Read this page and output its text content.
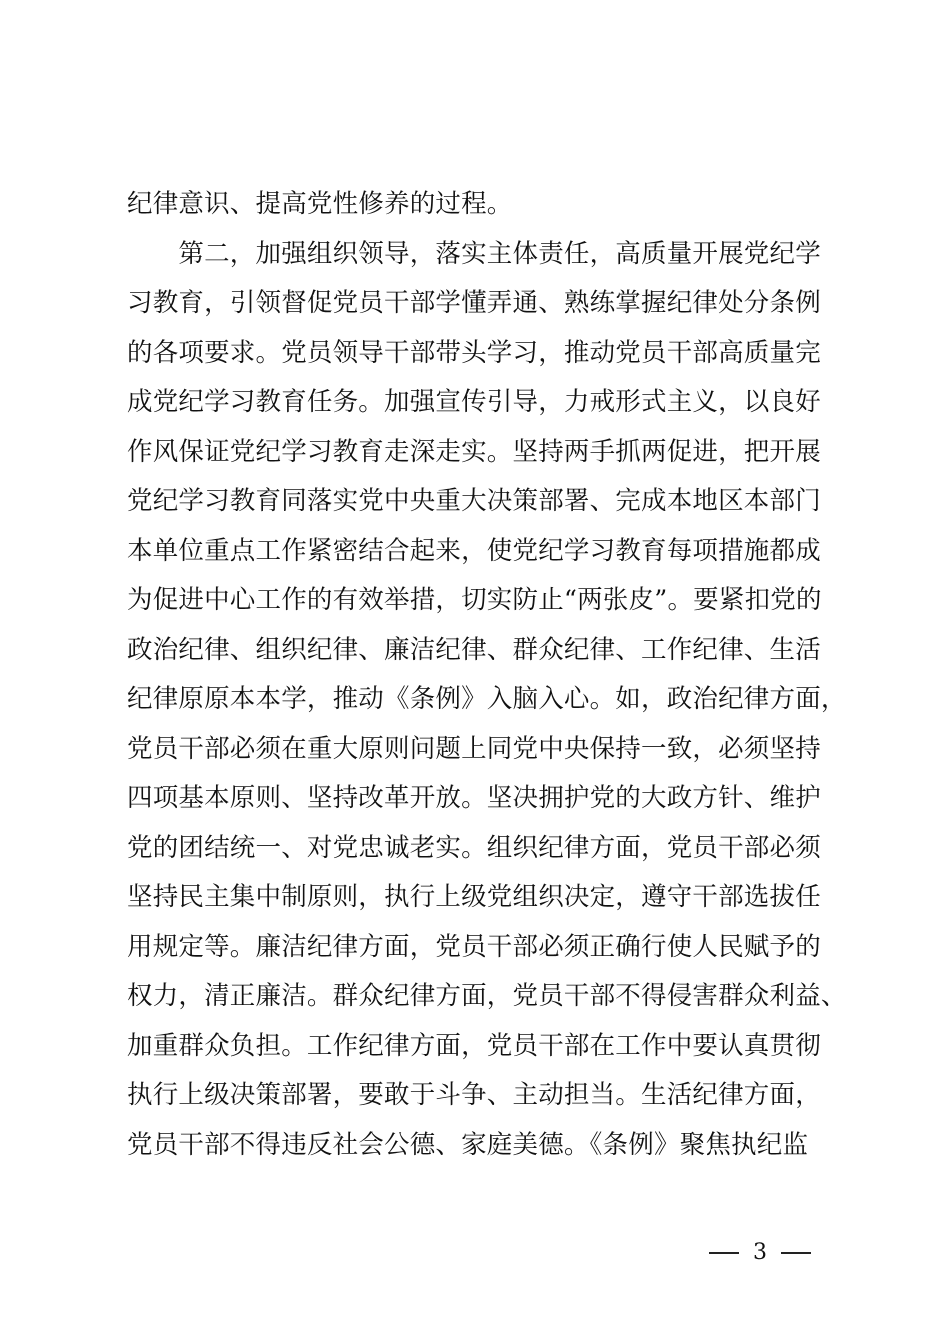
纪律意识、提高党性修养的过程。
　　第二，加强组织领导，落实主体责任，高质量开展党纪学
习教育，引领督促党员干部学懂弄通、熟练掌握纪律处分条例
的各项要求。党员领导干部带头学习，推动党员干部高质量完
成党纪学习教育任务。加强宣传引导，力戒形式主义，以良好
作风保证党纪学习教育走深走实。坚持两手抓两促进，把开展
党纪学习教育同落实党中央重大决策部署、完成本地区本部门
本单位重点工作紧密结合起来，使党纪学习教育每项措施都成
为促进中心工作的有效举措，切实防止“两张皮”。要紧扣党的
政治纪律、组织纪律、廉洁纪律、群众纪律、工作纪律、生活
纪律原原本本学，推动《条例》入脑入心。如，政治纪律方面，
党员干部必须在重大原则问题上同党中央保持一致，必须坚持
四项基本原则、坚持改革开放。坚决拥护党的大政方针、维护
党的团结统一、对党忠诚老实。组织纪律方面，党员干部必须
坚持民主集中制原则，执行上级党组织决定，遵守干部选拔任
用规定等。廉洁纪律方面，党员干部必须正确行使人民赋予的
权力，清正廉洁。群众纪律方面，党员干部不得侵害群众利益、
加重群众负担。工作纪律方面，党员干部在工作中要认真贯彻
执行上级决策部署，要敢于斗争、主动担当。生活纪律方面，
党员干部不得违反社会公德、家庭美德。《条例》聚焦执纪监
3
